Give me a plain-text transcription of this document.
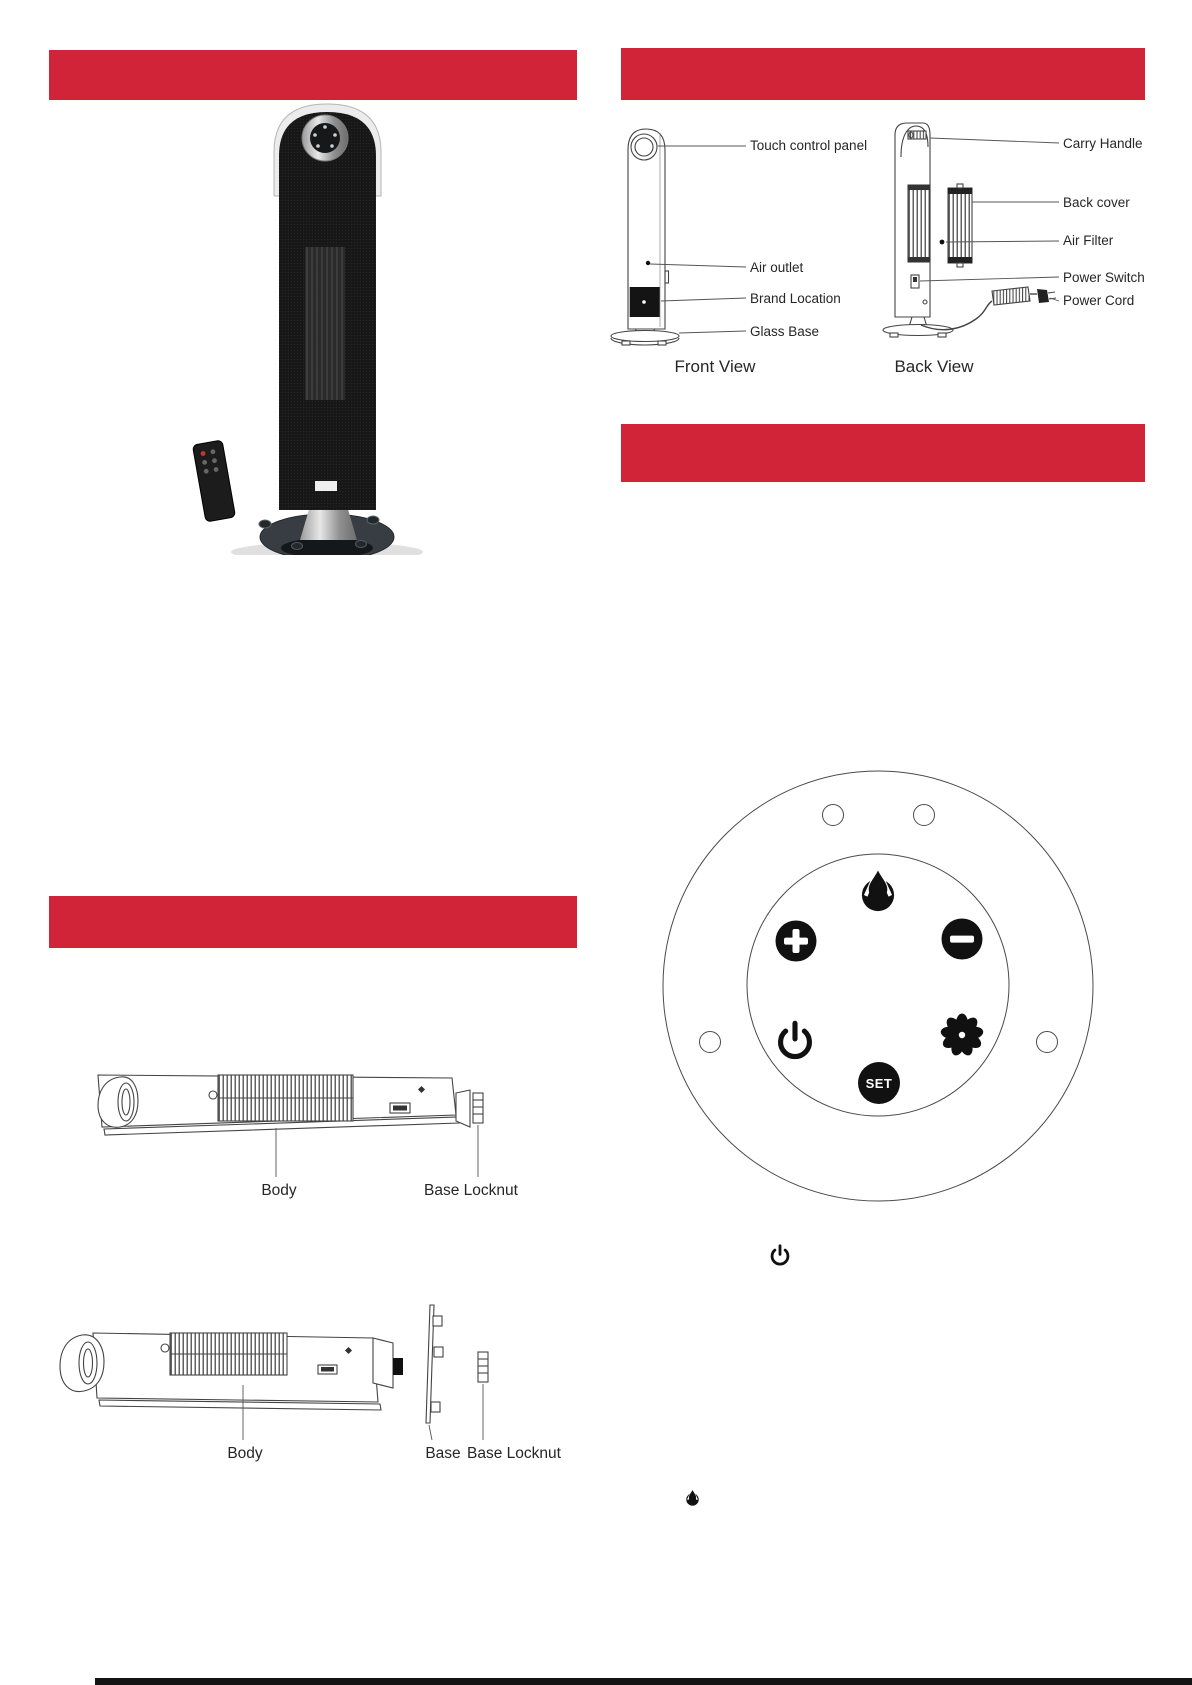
Touch control panel
Air outlet
Brand Location
Glass Base
Carry Handle
Back cover
Air Filter
Power Switch
Power Cord
Front View	Back View
SET
Body	Base Locknut
Body	Base Base Locknut
